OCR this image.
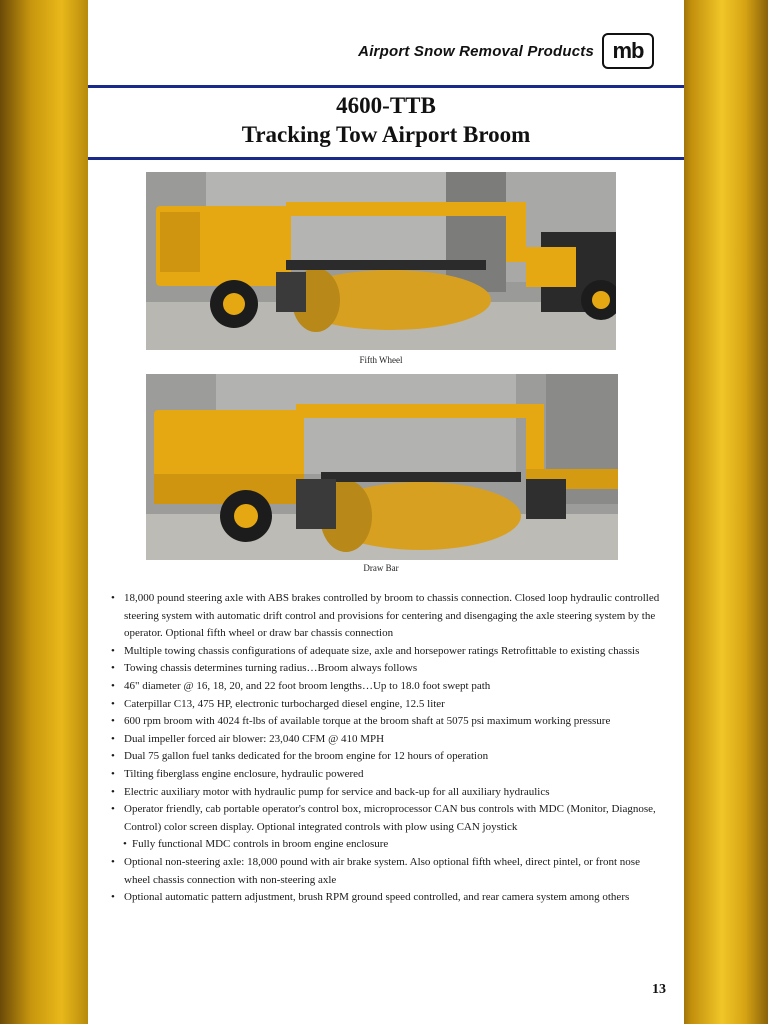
Airport Snow Removal Products mb
4600-TTB
Tracking Tow Airport Broom
Fifth Wheel
Draw Bar
• 18,000 pound steering axle with ABS brakes controlled by broom to chassis connection. Closed loop hydraulic controlled steering system with automatic drift control and provisions for centering and disengaging the axle steering system by the operator. Optional fifth wheel or draw bar chassis connection
• Multiple towing chassis configurations of adequate size, axle and horsepower ratings Retrofittable to existing chassis
• Towing chassis determines turning radius…Broom always follows
• 46" diameter @ 16, 18, 20, and 22 foot broom lengths…Up to 18.0 foot swept path
• Caterpillar C13, 475 HP, electronic turbocharged diesel engine, 12.5 liter
• 600 rpm broom with 4024 ft-lbs of available torque at the broom shaft at 5075 psi maximum working pressure
• Dual impeller forced air blower: 23,040 CFM @ 410 MPH
• Dual 75 gallon fuel tanks dedicated for the broom engine for 12 hours of operation
• Tilting fiberglass engine enclosure, hydraulic powered
• Electric auxiliary motor with hydraulic pump for service and back-up for all auxiliary hydraulics
• Operator friendly, cab portable operator's control box, microprocessor CAN bus controls with MDC (Monitor, Diagnose, Control) color screen display. Optional integrated controls with plow using CAN joystick
• Fully functional MDC controls in broom engine enclosure
• Optional non-steering axle: 18,000 pound with air brake system. Also optional fifth wheel, direct pintel, or front nose wheel chassis connection with non-steering axle
• Optional automatic pattern adjustment, brush RPM ground speed controlled, and rear camera system among others
13
